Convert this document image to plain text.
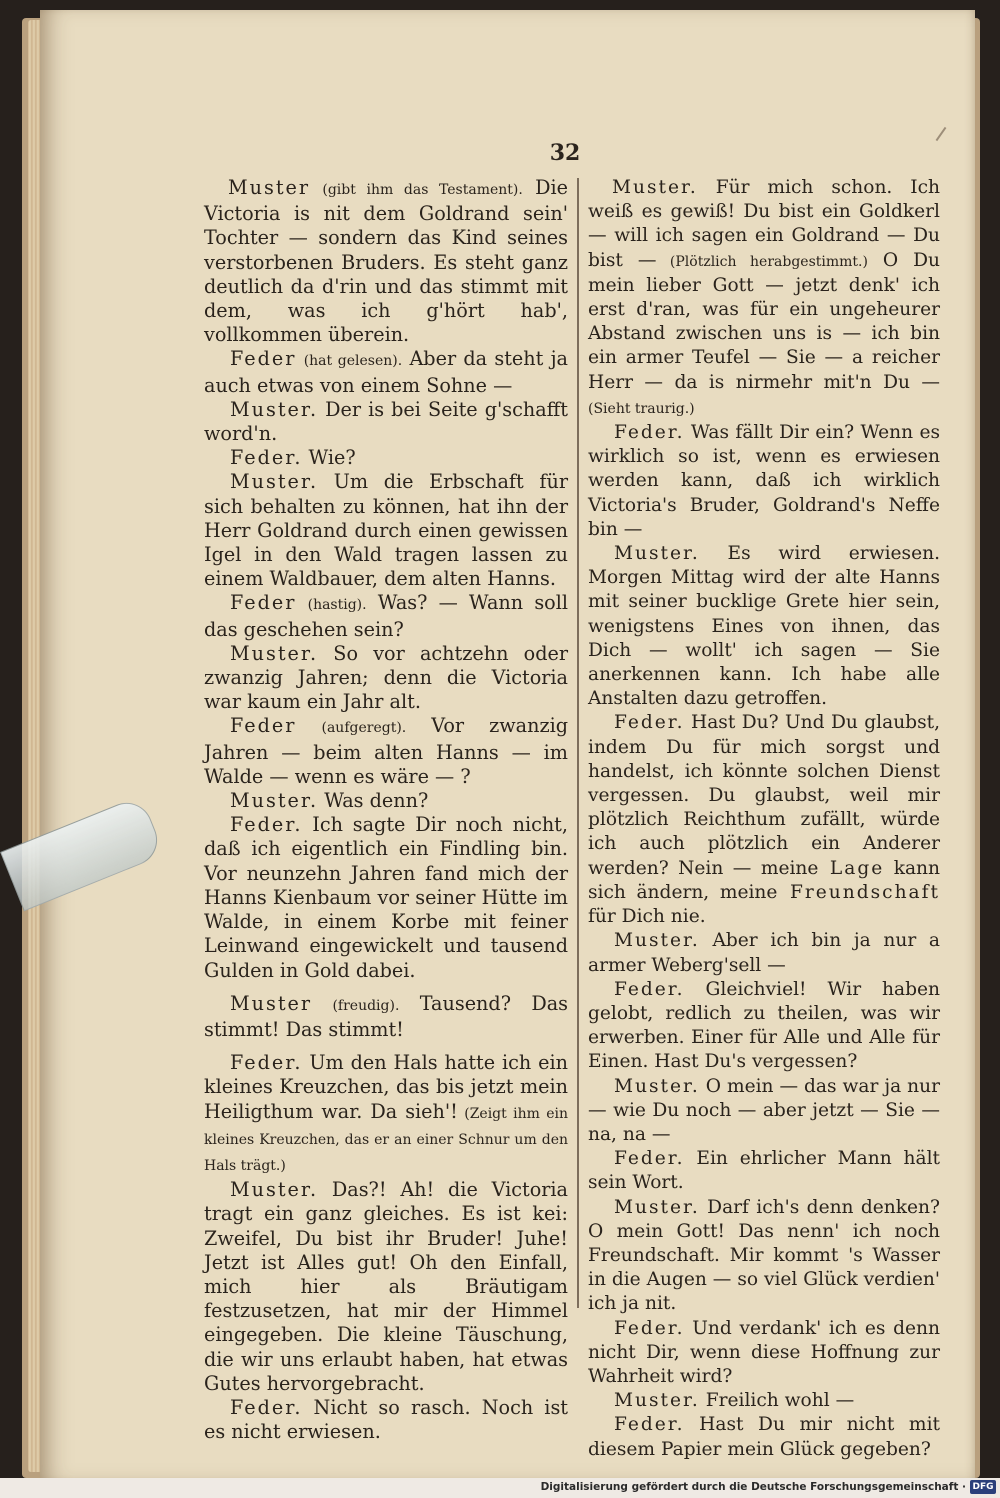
32

Muster (gibt ihm das Testament). Die Victoria is nit dem Goldrand sein' Tochter — sondern das Kind seines verstorbenen Bruders. Es steht ganz deutlich da d'rin und das stimmt mit dem, was ich g'hört hab', vollkommen überein.

Feder (hat gelesen). Aber da steht ja auch etwas von einem Sohne —

Muster. Der is bei Seite g'schafft word'n.

Feder. Wie?

Muster. Um die Erbschaft für sich behalten zu können, hat ihn der Herr Goldrand durch einen gewissen Igel in den Wald tragen lassen zu einem Waldbauer, dem alten Hanns.

Feder (hastig). Was? — Wann soll das geschehen sein?

Muster. So vor achtzehn oder zwanzig Jahren; denn die Victoria war kaum ein Jahr alt.

Feder (aufgeregt). Vor zwanzig Jahren — beim alten Hanns — im Walde — wenn es wäre — ?

Muster. Was denn?

Feder. Ich sagte Dir noch nicht, daß ich eigentlich ein Findling bin. Vor neunzehn Jahren fand mich der Hanns Kienbaum vor seiner Hütte im Walde, in einem Korbe mit feiner Leinwand eingewickelt und tausend Gulden in Gold dabei.

Muster (freudig). Tausend? Das stimmt! Das stimmt!

Feder. Um den Hals hatte ich ein kleines Kreuzchen, das bis jetzt mein Heiligthum war. Da sieh'! (Zeigt ihm ein kleines Kreuzchen, das er an einer Schnur um den Hals trägt.)

Muster. Das?! Ah! die Victoria tragt ein ganz gleiches. Es ist kei: Zweifel, Du bist ihr Bruder! Juhe! Jetzt ist Alles gut! Oh den Einfall, mich hier als Bräutigam festzusetzen, hat mir der Himmel eingegeben. Die kleine Täuschung, die wir uns erlaubt haben, hat etwas Gutes hervorgebracht.

Feder. Nicht so rasch. Noch ist es nicht erwiesen.

Muster. Für mich schon. Ich weiß es gewiß! Du bist ein Goldkerl — will ich sagen ein Goldrand — Du bist — (Plötzlich herabgestimmt.) O Du mein lieber Gott — jetzt denk' ich erst d'ran, was für ein ungeheurer Abstand zwischen uns is — ich bin ein armer Teufel — Sie — a reicher Herr — da is nirmehr mit'n Du — (Sieht traurig.)

Feder. Was fällt Dir ein? Wenn es wirklich so ist, wenn es erwiesen werden kann, daß ich wirklich Victoria's Bruder, Goldrand's Neffe bin —

Muster. Es wird erwiesen. Morgen Mittag wird der alte Hanns mit seiner bucklige Grete hier sein, wenigstens Eines von ihnen, das Dich — wollt' ich sagen — Sie anerkennen kann. Ich habe alle Anstalten dazu getroffen.

Feder. Hast Du? Und Du glaubst, indem Du für mich sorgst und handelst, ich könnte solchen Dienst vergessen. Du glaubst, weil mir plötzlich Reichthum zufällt, würde ich auch plötzlich ein Anderer werden? Nein — meine Lage kann sich ändern, meine Freundschaft für Dich nie.

Muster. Aber ich bin ja nur a armer Weberg'sell —

Feder. Gleichviel! Wir haben gelobt, redlich zu theilen, was wir erwerben. Einer für Alle und Alle für Einen. Hast Du's vergessen?

Muster. O mein — das war ja nur — wie Du noch — aber jetzt — Sie — na, na —

Feder. Ein ehrlicher Mann hält sein Wort.

Muster. Darf ich's denn denken? O mein Gott! Das nenn' ich noch Freundschaft. Mir kommt 's Wasser in die Augen — so viel Glück verdien' ich ja nit.

Feder. Und verdank' ich es denn nicht Dir, wenn diese Hoffnung zur Wahrheit wird?

Muster. Freilich wohl —

Feder. Hast Du mir nicht mit diesem Papier mein Glück gegeben?

Digitalisierung gefördert durch die Deutsche Forschungsgemeinschaft · DFG
